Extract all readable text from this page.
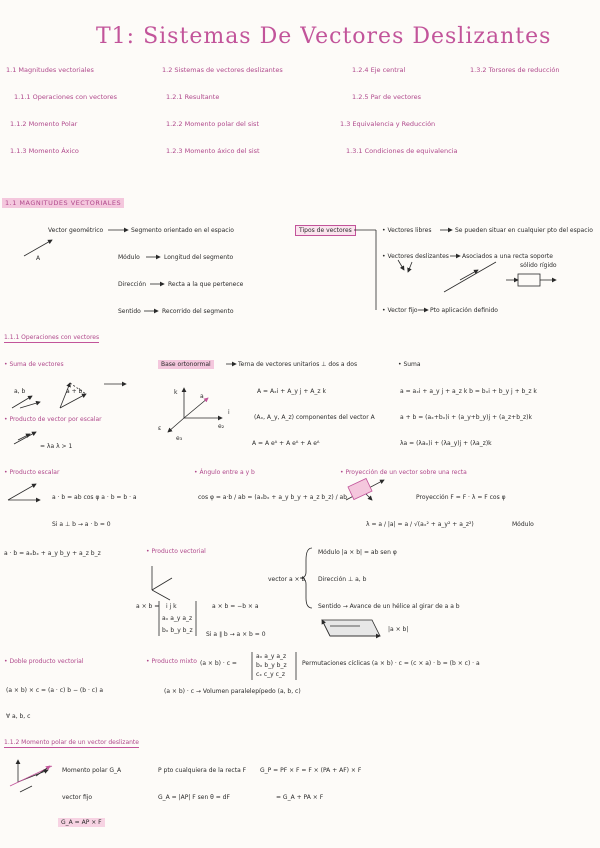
T1: Sistemas De Vectores Deslizantes
1.1 Magnitudes vectoriales
1.1.1 Operaciones con vectores
1.1.2 Momento Polar
1.1.3 Momento Áxico
1.2 Sistemas de vectores deslizantes
1.2.1 Resultante
1.2.2 Momento polar del sist
1.2.3 Momento áxico del sist
1.2.4 Eje central
1.2.5 Par de vectores
1.3 Equivalencia y Reducción
1.3.1 Condiciones de equivalencia
1.3.2 Torsores de reducción
1.1 MAGNITUDES VECTORIALES
Vector geométrico	Segmento orientado en el espacio
A	Módulo	Longitud del segmento
Dirección	Recta a la que pertenece
Sentido	Recorrido del segmento
Tipos de vectores	• Vectores libres	Se pueden situar en cualquier pto del espacio
• Vectores deslizantes Asociados a una recta soporte
sólido rígido
• Vector fijo Pto aplicación definido
1.1.1 Operaciones con vectores
• Suma de vectores
a, b	a + b
Base ortonormal	Terna de vectores unitarios ⊥ dos a dos	• Suma
a = aₓi + a_y j + a_z k b = bₓi + b_y j + b_z k
A = Aₓi + A_y j + A_z k
(Aₓ, A_y, A_z) componentes del vector A	a + b = (aₓ+bₓ)i + (a_y+b_y)j + (a_z+b_z)k
A = A eᴬ + A eᴬ + A eᴬ	λa = (λaₓ)i + (λa_y)j + (λa_z)k
• Producto de vector por escalar
= λa λ > 1
• Producto escalar
a · b = ab cos φ a · b = b · a
Si a ⊥ b → a · b = 0
a · b = aₓbₓ + a_y b_y + a_z b_z
• Ángulo entre a y b
cos φ = a·b / ab = (aₓbₓ + a_y b_y + a_z b_z) / ab
• Proyección de un vector sobre una recta
Proyección F = F · λ = F cos φ
λ = a / |a| = a / √(aₓ² + a_y² + a_z²)	Módulo
• Producto vectorial	Módulo |a × b| = ab sen φ
vector a × b Dirección ⊥ a, b
Sentido → Avance de un hélice al girar de a a b
a × b = i j k
aₓ a_y a_z
bₓ b_y b_z
a × b = −b × a
Si a ∥ b → a × b = 0
|a × b|
• Producto mixto (a × b) · c =
aₓ a_y a_z
bₓ b_y b_z
cₓ c_y c_z
Permutaciones cíclicas (a × b) · c = (c × a) · b = (b × c) · a
(a × b) · c → Volumen paralelepípedo (a, b, c)
• Doble producto vectorial
(a × b) × c = (a · c) b − (b · c) a
∀ a, b, c
1.1.2 Momento polar de un vector deslizante
Momento polar G_A	P pto cualquiera de la recta F G_P = PF × F = F × (PA + AF) × F
vector fijo	G_A = |AP| F sen θ = dF	= G_A + PA × F
G_A = AP × F
k
a
i
ε
e₃
e₂
